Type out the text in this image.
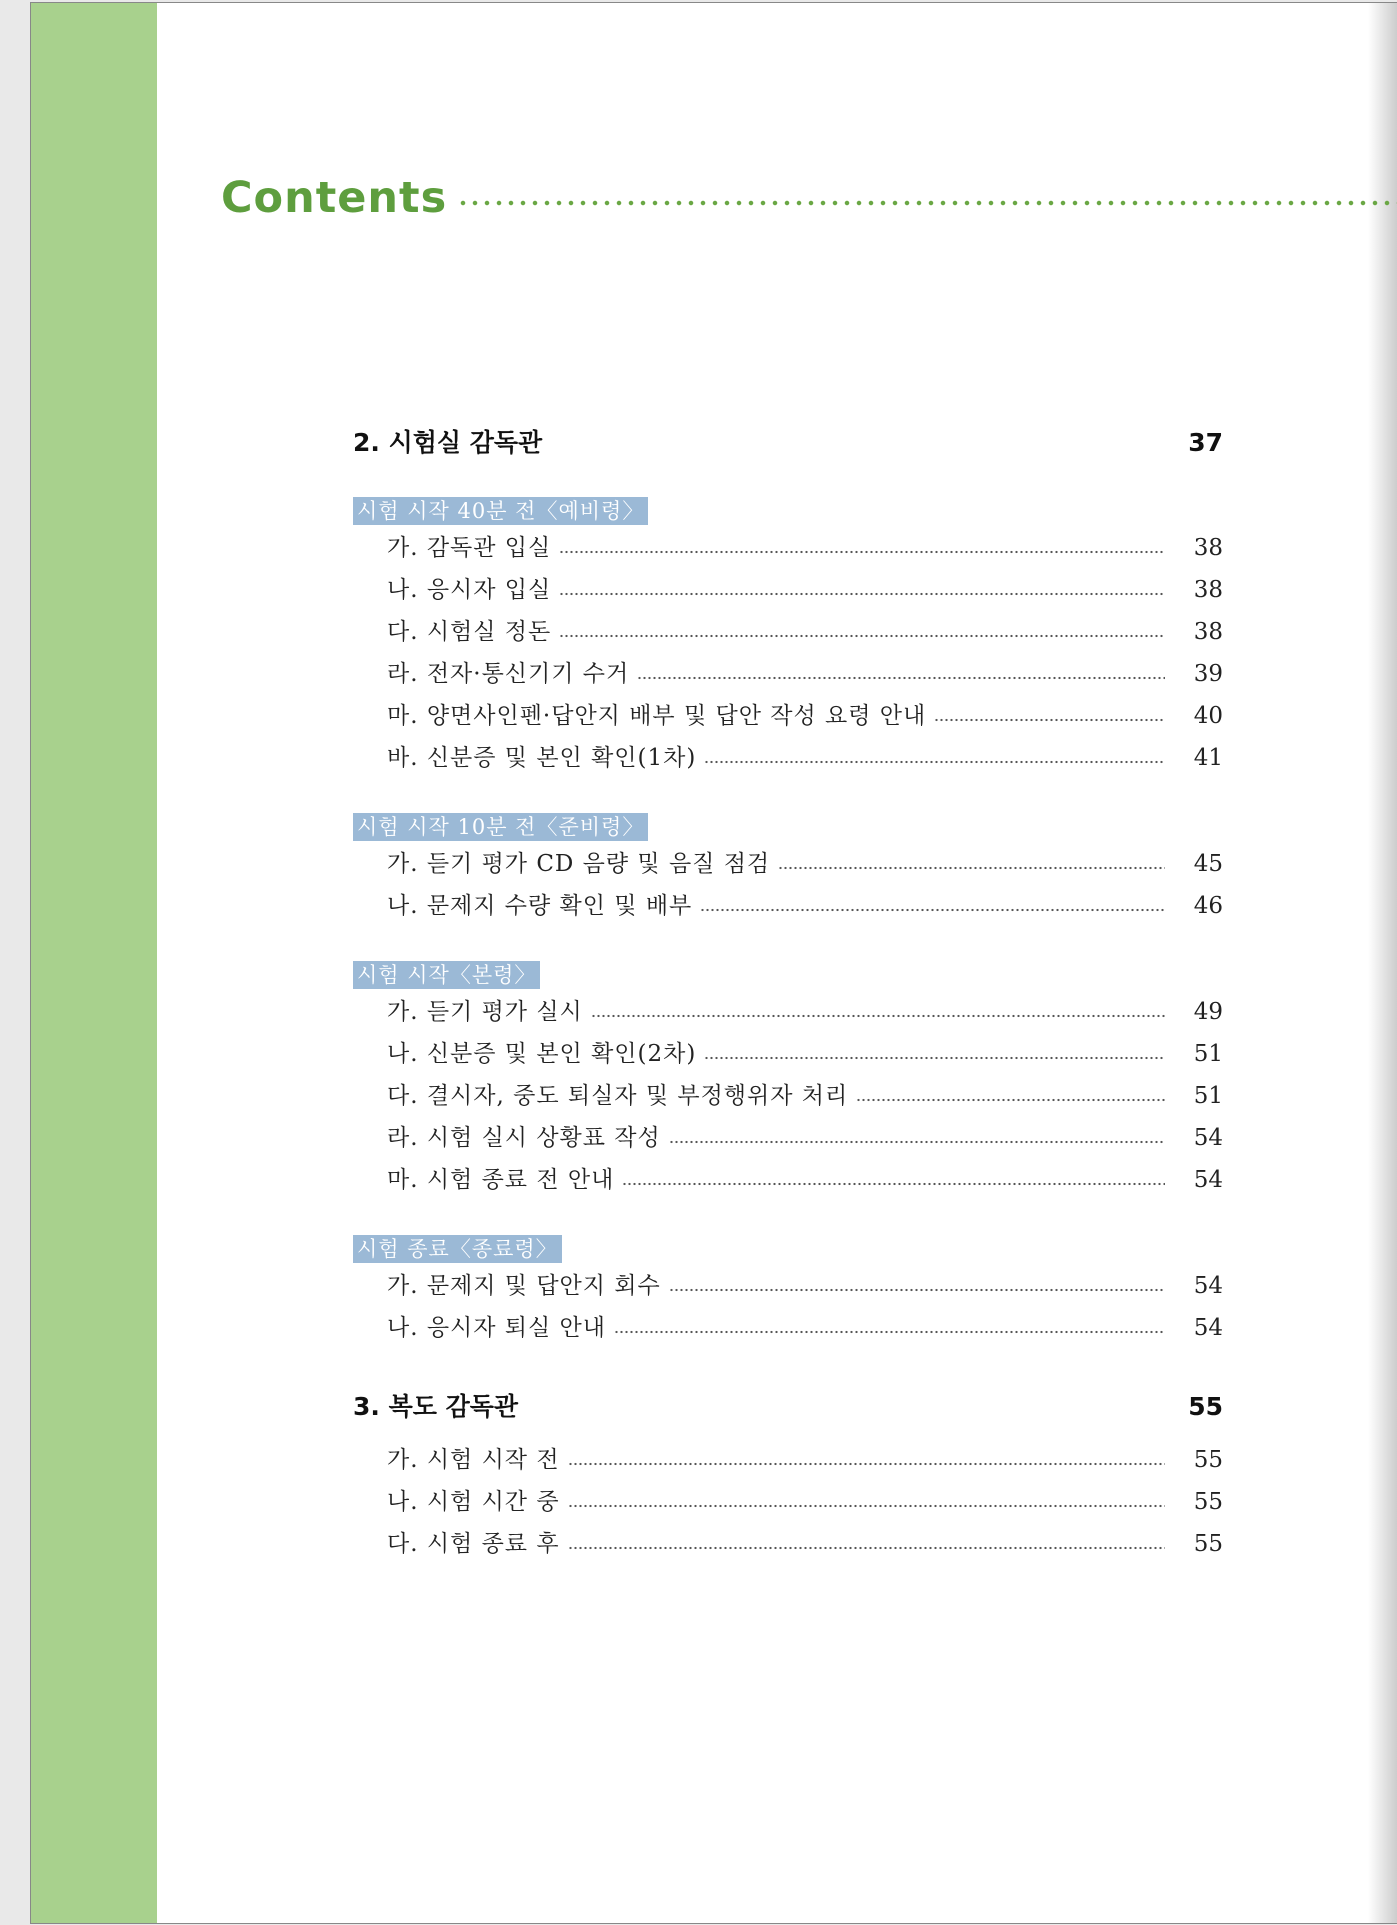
Contents
2. 시험실 감독관	37
시험 시작 40분 전〈예비령〉
가. 감독관 입실	38
나. 응시자 입실	38
다. 시험실 정돈	38
라. 전자·통신기기 수거	39
마. 양면사인펜·답안지 배부 및 답안 작성 요령 안내	40
바. 신분증 및 본인 확인(1차)	41
시험 시작 10분 전〈준비령〉
가. 듣기 평가 CD 음량 및 음질 점검	45
나. 문제지 수량 확인 및 배부	46
시험 시작〈본령〉
가. 듣기 평가 실시	49
나. 신분증 및 본인 확인(2차)	51
다. 결시자, 중도 퇴실자 및 부정행위자 처리	51
라. 시험 실시 상황표 작성	54
마. 시험 종료 전 안내	54
시험 종료〈종료령〉
가. 문제지 및 답안지 회수	54
나. 응시자 퇴실 안내	54
3. 복도 감독관	55
가. 시험 시작 전	55
나. 시험 시간 중	55
다. 시험 종료 후	55
